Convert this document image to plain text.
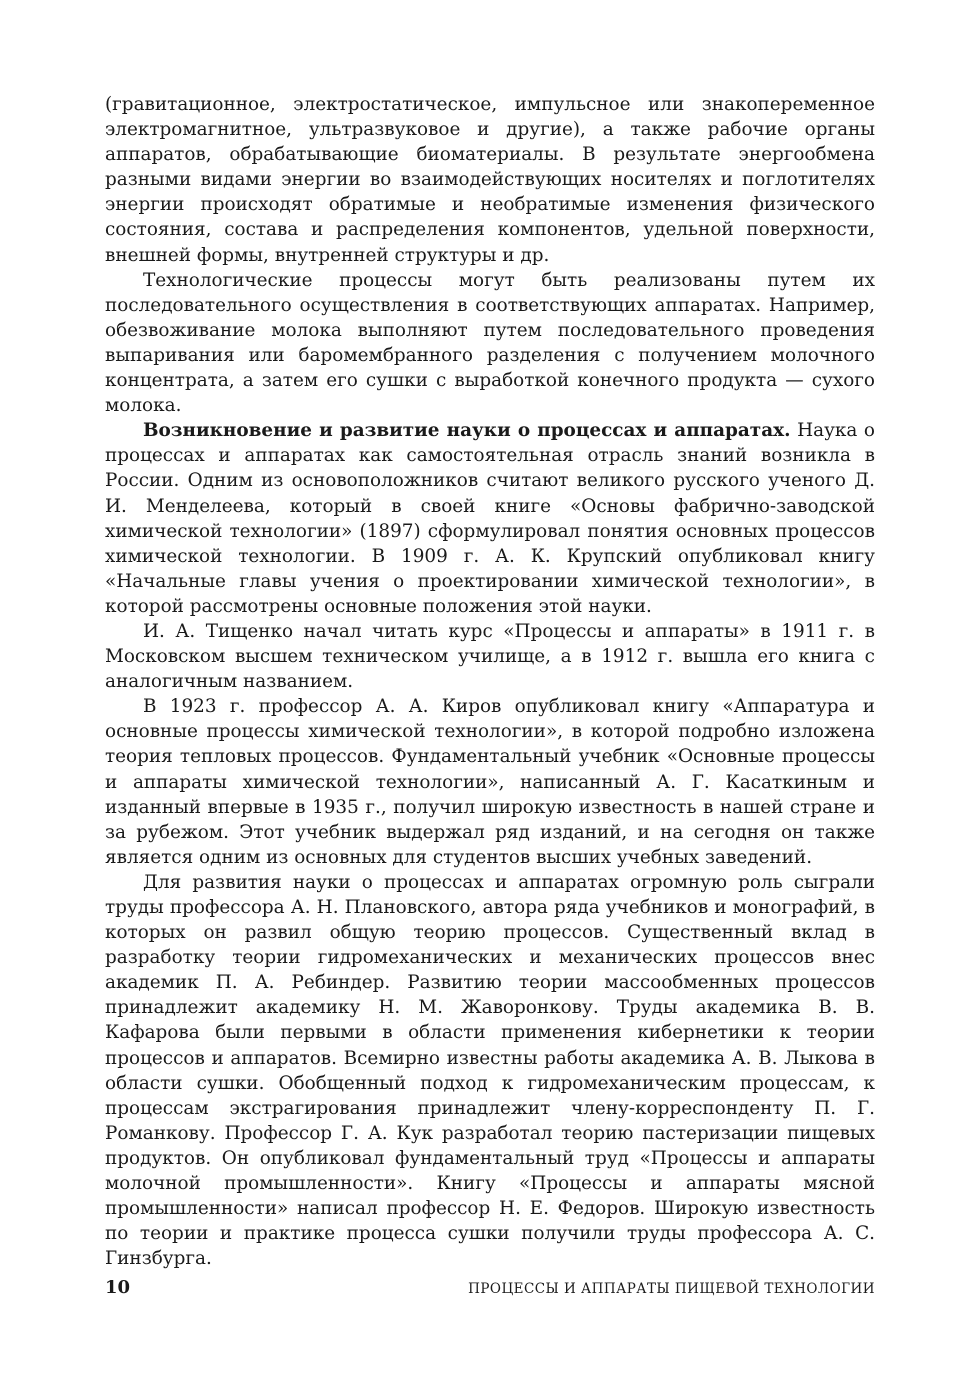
(гравитационное, электростатическое, импульсное или знакопеременное электромагнитное, ультразвуковое и другие), а также рабочие органы аппаратов, обрабатывающие биоматериалы. В результате энергообмена разными видами энергии во взаимодействующих носителях и поглотителях энергии происходят обратимые и необратимые изменения физического состояния, состава и распределения компонентов, удельной поверхности, внешней формы, внутренней структуры и др.

Технологические процессы могут быть реализованы путем их последовательного осуществления в соответствующих аппаратах. Например, обезвоживание молока выполняют путем последовательного проведения выпаривания или баромембранного разделения с получением молочного концентрата, а затем его сушки с выработкой конечного продукта — сухого молока.

Возникновение и развитие науки о процессах и аппаратах. Наука о процессах и аппаратах как самостоятельная отрасль знаний возникла в России. Одним из основоположников считают великого русского ученого Д. И. Менделеева, который в своей книге «Основы фабрично-заводской химической технологии» (1897) сформулировал понятия основных процессов химической технологии. В 1909 г. А. К. Крупский опубликовал книгу «Начальные главы учения о проектировании химической технологии», в которой рассмотрены основные положения этой науки.

И. А. Тищенко начал читать курс «Процессы и аппараты» в 1911 г. в Московском высшем техническом училище, а в 1912 г. вышла его книга с аналогичным названием.

В 1923 г. профессор А. А. Киров опубликовал книгу «Аппаратура и основные процессы химической технологии», в которой подробно изложена теория тепловых процессов. Фундаментальный учебник «Основные процессы и аппараты химической технологии», написанный А. Г. Касаткиным и изданный впервые в 1935 г., получил широкую известность в нашей стране и за рубежом. Этот учебник выдержал ряд изданий, и на сегодня он также является одним из основных для студентов высших учебных заведений.

Для развития науки о процессах и аппаратах огромную роль сыграли труды профессора А. Н. Плановского, автора ряда учебников и монографий, в которых он развил общую теорию процессов. Существенный вклад в разработку теории гидромеханических и механических процессов внес академик П. А. Ребиндер. Развитию теории массообменных процессов принадлежит академику Н. М. Жаворонкову. Труды академика В. В. Кафарова были первыми в области применения кибернетики к теории процессов и аппаратов. Всемирно известны работы академика А. В. Лыкова в области сушки. Обобщенный подход к гидромеханическим процессам, к процессам экстрагирования принадлежит члену-корреспонденту П. Г. Романкову. Профессор Г. А. Кук разработал теорию пастеризации пищевых продуктов. Он опубликовал фундаментальный труд «Процессы и аппараты молочной промышленности». Книгу «Процессы и аппараты мясной промышленности» написал профессор Н. Е. Федоров. Широкую известность по теории и практике процесса сушки получили труды профессора А. С. Гинзбурга.

10	ПРОЦЕССЫ И АППАРАТЫ ПИЩЕВОЙ ТЕХНОЛОГИИ
